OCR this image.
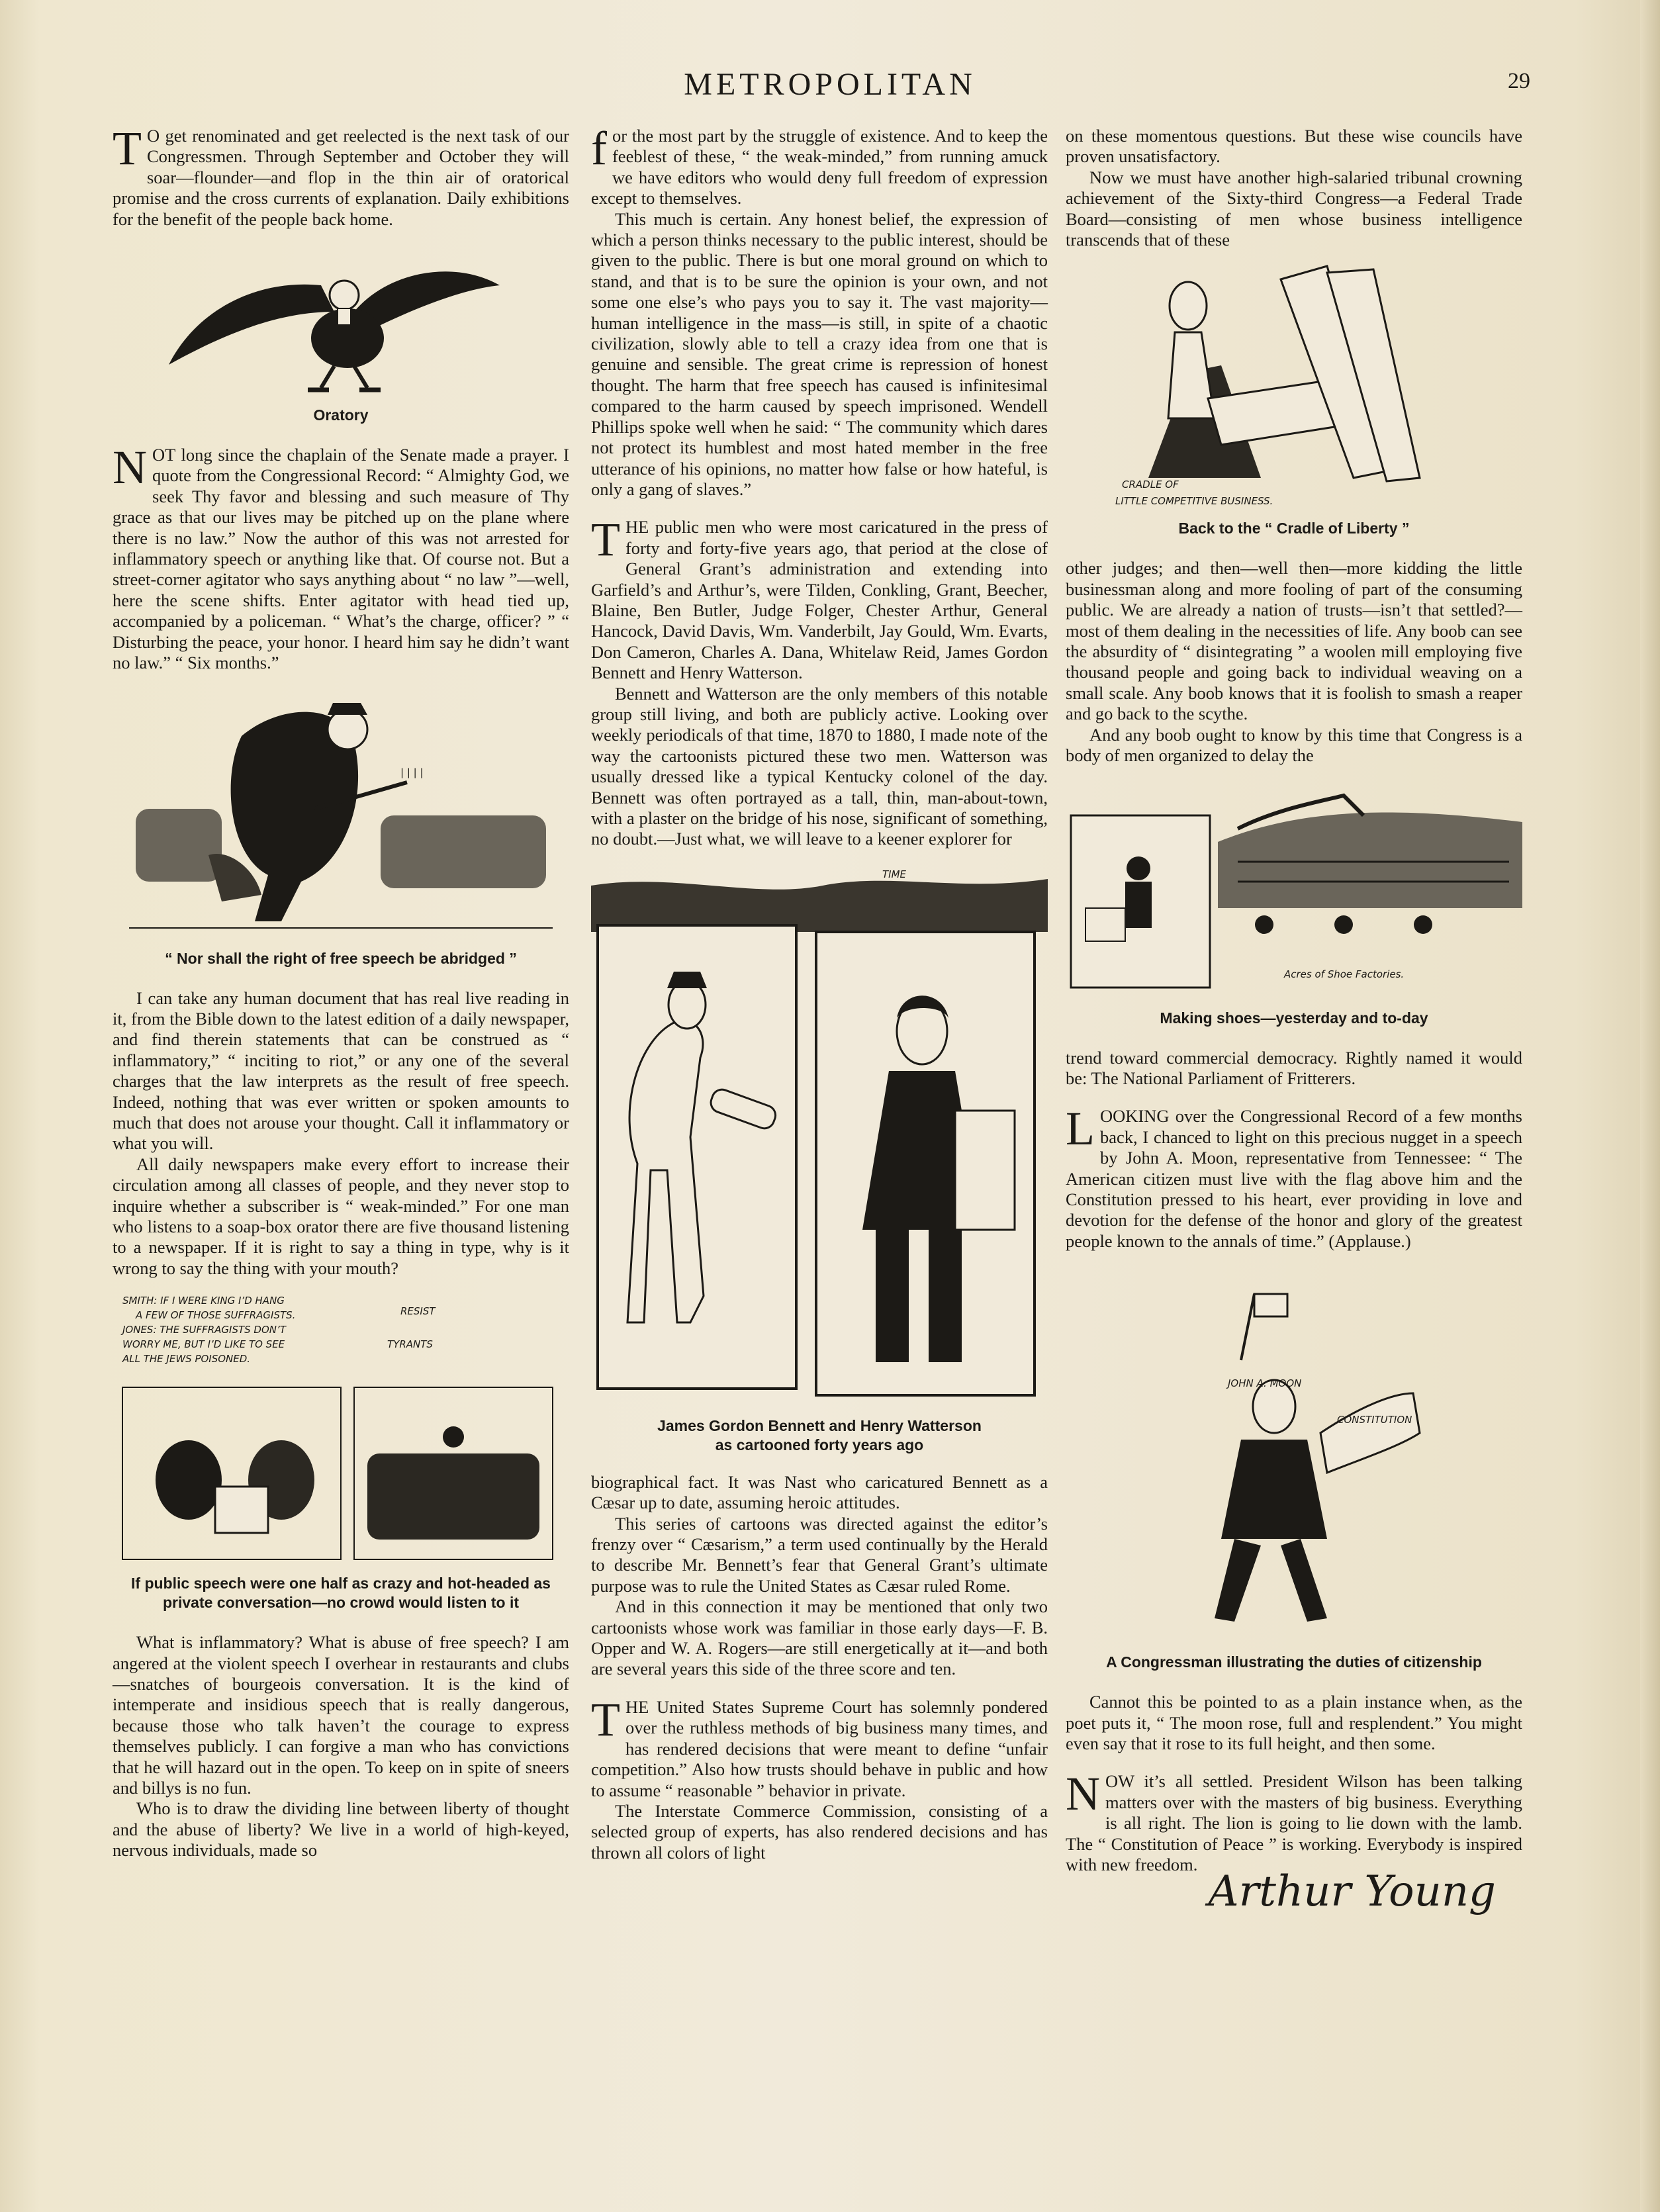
METROPOLITAN	29

TO get renominated and get reelected is the next task of our Congressmen. Through September and October they will soar—flounder—and flop in the thin air of oratorical promise and the cross currents of explanation. Daily exhibitions for the benefit of the people back home.

Oratory

NOT long since the chaplain of the Senate made a prayer. I quote from the Congressional Record: “ Almighty God, we seek Thy favor and blessing and such measure of Thy grace as that our lives may be pitched up on the plane where there is no law.” Now the author of this was not arrested for inflammatory speech or anything like that. Of course not. But a street-corner agitator who says anything about “ no law ”—well, here the scene shifts. Enter agitator with head tied up, accompanied by a policeman. “ What’s the charge, officer? ” “ Disturbing the peace, your honor. I heard him say he didn’t want no law.” “ Six months.”

| | | |
“ Nor shall the right of free speech be abridged ”

I can take any human document that has real live reading in it, from the Bible down to the latest edition of a daily newspaper, and find therein statements that can be construed as “ inflammatory,” “ inciting to riot,” or any one of the several charges that the law interprets as the result of free speech. Indeed, nothing that was ever written or spoken amounts to much that does not arouse your thought. Call it inflammatory or what you will.

All daily newspapers make every effort to increase their circulation among all classes of people, and they never stop to inquire whether a subscriber is “ weak-minded.” For one man who listens to a soap-box orator there are five thousand listening to a newspaper. If it is right to say a thing in type, why is it wrong to say the thing with your mouth?

SMITH: IF I WERE KING I’D HANG
A FEW OF THOSE SUFFRAGISTS.
JONES: THE SUFFRAGISTS DON’T
WORRY ME, BUT I’D LIKE TO SEE
ALL THE JEWS POISONED.
RESIST
TYRANTS
If public speech were one half as crazy and hot-headed as private conversation—no crowd would listen to it

What is inflammatory? What is abuse of free speech? I am angered at the violent speech I overhear in restaurants and clubs—snatches of bourgeois conversation. It is the kind of intemperate and insidious speech that is really dangerous, because those who talk haven’t the courage to express themselves publicly. I can forgive a man who has convictions that he will hazard out in the open. To keep on in spite of sneers and billys is no fun.

Who is to draw the dividing line between liberty of thought and the abuse of liberty? We live in a world of high-keyed, nervous individuals, made so

for the most part by the struggle of existence. And to keep the feeblest of these, “ the weak-minded,” from running amuck we have editors who would deny full freedom of expression except to themselves.

This much is certain. Any honest belief, the expression of which a person thinks necessary to the public interest, should be given to the public. There is but one moral ground on which to stand, and that is to be sure the opinion is your own, and not some one else’s who pays you to say it. The vast majority—human intelligence in the mass—is still, in spite of a chaotic civilization, slowly able to tell a crazy idea from one that is genuine and sensible. The great crime is repression of honest thought. The harm that free speech has caused is infinitesimal compared to the harm caused by speech imprisoned. Wendell Phillips spoke well when he said: “ The community which dares not protect its humblest and most hated member in the free utterance of his opinions, no matter how false or how hateful, is only a gang of slaves.”

THE public men who were most caricatured in the press of forty and forty-five years ago, that period at the close of General Grant’s administration and extending into Garfield’s and Arthur’s, were Tilden, Conkling, Grant, Beecher, Blaine, Ben Butler, Judge Folger, Chester Arthur, General Hancock, David Davis, Wm. Vanderbilt, Jay Gould, Wm. Evarts, Don Cameron, Charles A. Dana, Whitelaw Reid, James Gordon Bennett and Henry Watterson.

Bennett and Watterson are the only members of this notable group still living, and both are publicly active. Looking over weekly periodicals of that time, 1870 to 1880, I made note of the way the cartoonists pictured these two men. Watterson was usually dressed like a typical Kentucky colonel of the day. Bennett was often portrayed as a tall, thin, man-about-town, with a plaster on the bridge of his nose, significant of something, no doubt.—Just what, we will leave to a keener explorer for

TIME
James Gordon Bennett and Henry Watterson
as cartooned forty years ago

biographical fact. It was Nast who caricatured Bennett as a Cæsar up to date, assuming heroic attitudes.

This series of cartoons was directed against the editor’s frenzy over “ Cæsarism,” a term used continually by the Herald to describe Mr. Bennett’s fear that General Grant’s ultimate purpose was to rule the United States as Cæsar ruled Rome.

And in this connection it may be mentioned that only two cartoonists whose work was familiar in those early days—F. B. Opper and W. A. Rogers—are still energetically at it—and both are several years this side of the three score and ten.

THE United States Supreme Court has solemnly pondered over the ruthless methods of big business many times, and has rendered decisions that were meant to define “unfair competition.” Also how trusts should behave in public and how to assume “ reasonable ” behavior in private.

The Interstate Commerce Commission, consisting of a selected group of experts, has also rendered decisions and has thrown all colors of light

on these momentous questions. But these wise councils have proven unsatisfactory.

Now we must have another high-salaried tribunal crowning achievement of the Sixty-third Congress—a Federal Trade Board—consisting of men whose business intelligence transcends that of these

CRADLE OF
LITTLE COMPETITIVE BUSINESS.
Back to the “ Cradle of Liberty ”

other judges; and then—well then—more kidding the little businessman along and more fooling of part of the consuming public. We are already a nation of trusts—isn’t that settled?—most of them dealing in the necessities of life. Any boob can see the absurdity of “ disintegrating ” a woolen mill employing five thousand people and going back to individual weaving on a small scale. Any boob knows that it is foolish to smash a reaper and go back to the scythe.

And any boob ought to know by this time that Congress is a body of men organized to delay the

Acres of Shoe Factories.
Making shoes—yesterday and to-day

trend toward commercial democracy. Rightly named it would be: The National Parliament of Fritterers.

LOOKING over the Congressional Record of a few months back, I chanced to light on this precious nugget in a speech by John A. Moon, representative from Tennessee: “ The American citizen must live with the flag above him and the Constitution pressed to his heart, ever providing in love and devotion for the defense of the honor and glory of the greatest people known to the annals of time.” (Applause.)

JOHN A. MOON
CONSTITUTION
A Congressman illustrating the duties of citizenship

Cannot this be pointed to as a plain instance when, as the poet puts it, “ The moon rose, full and resplendent.” You might even say that it rose to its full height, and then some.

NOW it’s all settled. President Wilson has been talking matters over with the masters of big business. Everything is all right. The lion is going to lie down with the lamb. The “ Constitution of Peace ” is working. Everybody is inspired with new freedom.

Arthur Young
